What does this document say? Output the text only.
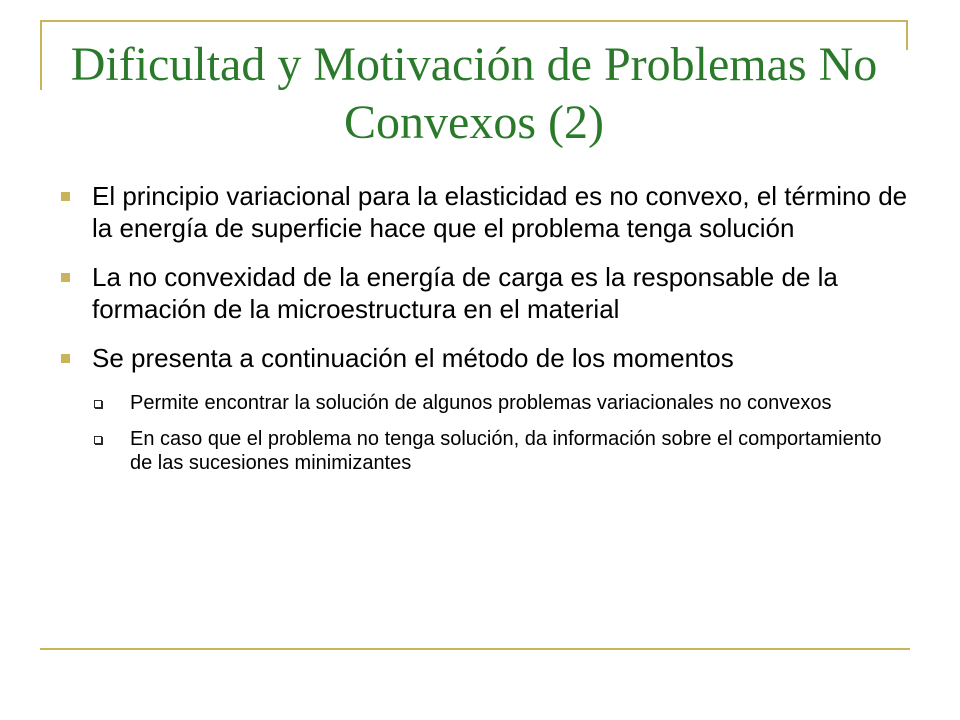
Dificultad y Motivación de Problemas No Convexos (2)
El principio variacional para la elasticidad es no convexo, el término de la energía de superficie hace que el problema tenga solución
La no convexidad de la energía de carga es la responsable de la formación de la microestructura en el material
Se presenta a continuación el método de los momentos
Permite encontrar la solución de algunos problemas variacionales no convexos
En caso que el problema no tenga solución, da información sobre el comportamiento de las sucesiones minimizantes
